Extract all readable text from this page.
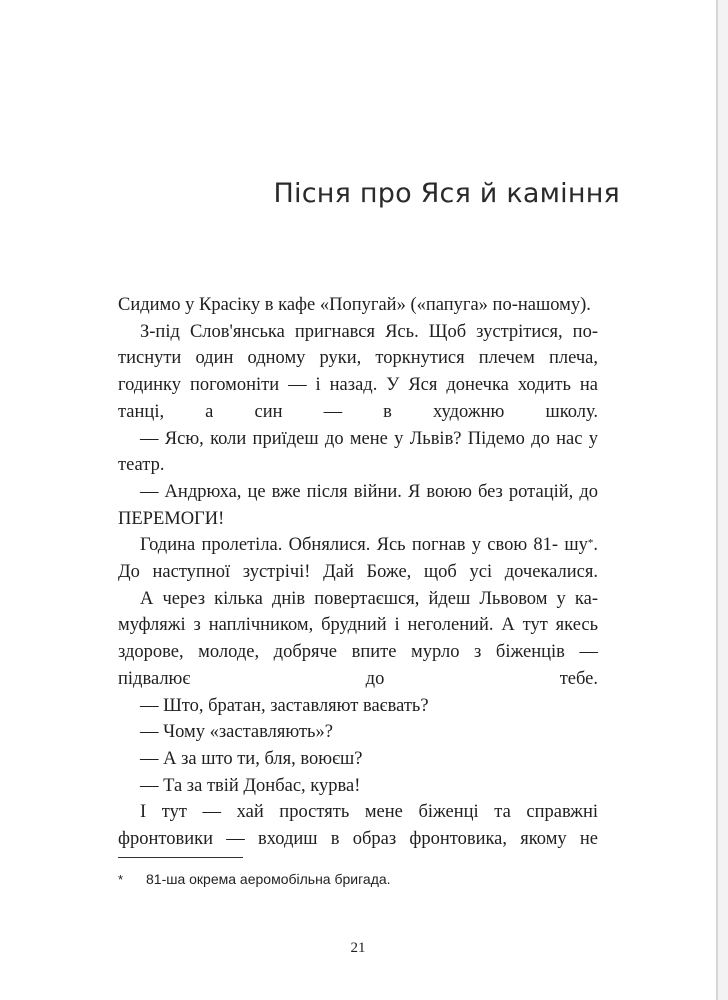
Пісня про Яся й каміння

Сидимо у Красіку в кафе «Попугай» («папуга» по-нашому).

З-під Слов'янська пригнався Ясь. Щоб зустрітися, по- тиснути один одному руки, торкнутися плечем плеча, годинку погомоніти — і назад. У Яся донечка ходить на танці, а син — в художню школу.

— Ясю, коли приїдеш до мене у Львів? Підемо до нас у театр.

— Андрюха, це вже після війни. Я воюю без ротацій, до ПЕРЕМОГИ!

Година пролетіла. Обнялися. Ясь погнав у свою 81- шу*. До наступної зустрічі! Дай Боже, щоб усі дочекалися.

А через кілька днів повертаєшся, йдеш Львовом у ка- муфляжі з наплічником, брудний і неголений. А тут якесь здорове, молоде, добряче впите мурло з біженців — підвалює до тебе.

— Што, братан, заставляют ваєвать?

— Чому «заставляють»?

— А за што ти, бля, воюєш?

— Та за твій Донбас, курва!

І тут — хай простять мене біженці та справжні фронтовики — входиш в образ фронтовика, якому не

* 81-ша окрема аеромобільна бригада.
21
